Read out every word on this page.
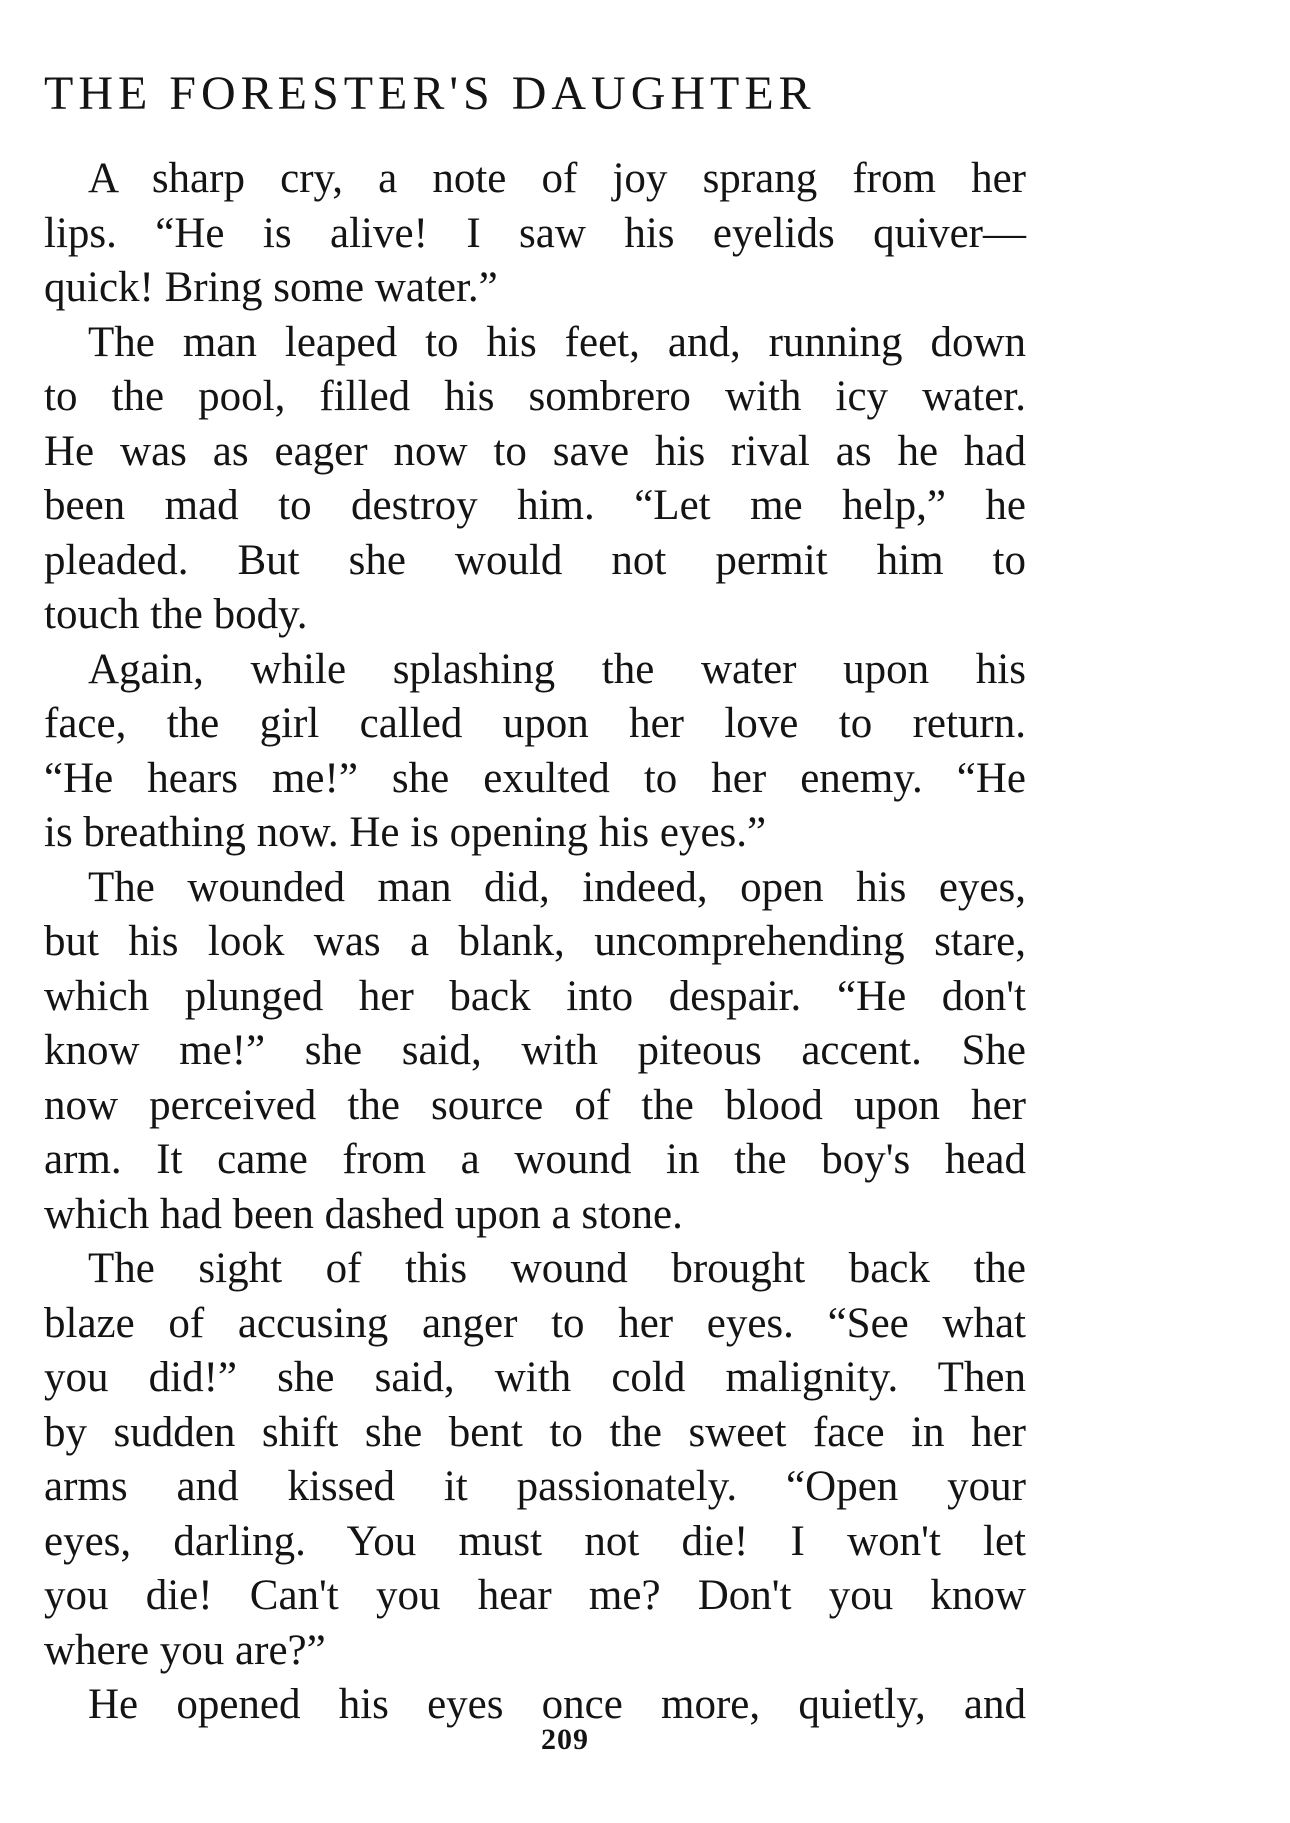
THE FORESTER'S DAUGHTER
A sharp cry, a note of joy sprang from her
lips. “He is alive! I saw his eyelids quiver—
quick! Bring some water.”
The man leaped to his feet, and, running down
to the pool, filled his sombrero with icy water.
He was as eager now to save his rival as he had
been mad to destroy him. “Let me help,” he
pleaded. But she would not permit him to
touch the body.
Again, while splashing the water upon his
face, the girl called upon her love to return.
“He hears me!” she exulted to her enemy. “He
is breathing now. He is opening his eyes.”
The wounded man did, indeed, open his eyes,
but his look was a blank, uncomprehending stare,
which plunged her back into despair. “He don't
know me!” she said, with piteous accent. She
now perceived the source of the blood upon her
arm. It came from a wound in the boy's head
which had been dashed upon a stone.
The sight of this wound brought back the
blaze of accusing anger to her eyes. “See what
you did!” she said, with cold malignity. Then
by sudden shift she bent to the sweet face in her
arms and kissed it passionately. “Open your
eyes, darling. You must not die! I won't let
you die! Can't you hear me? Don't you know
where you are?”
He opened his eyes once more, quietly, and
209
